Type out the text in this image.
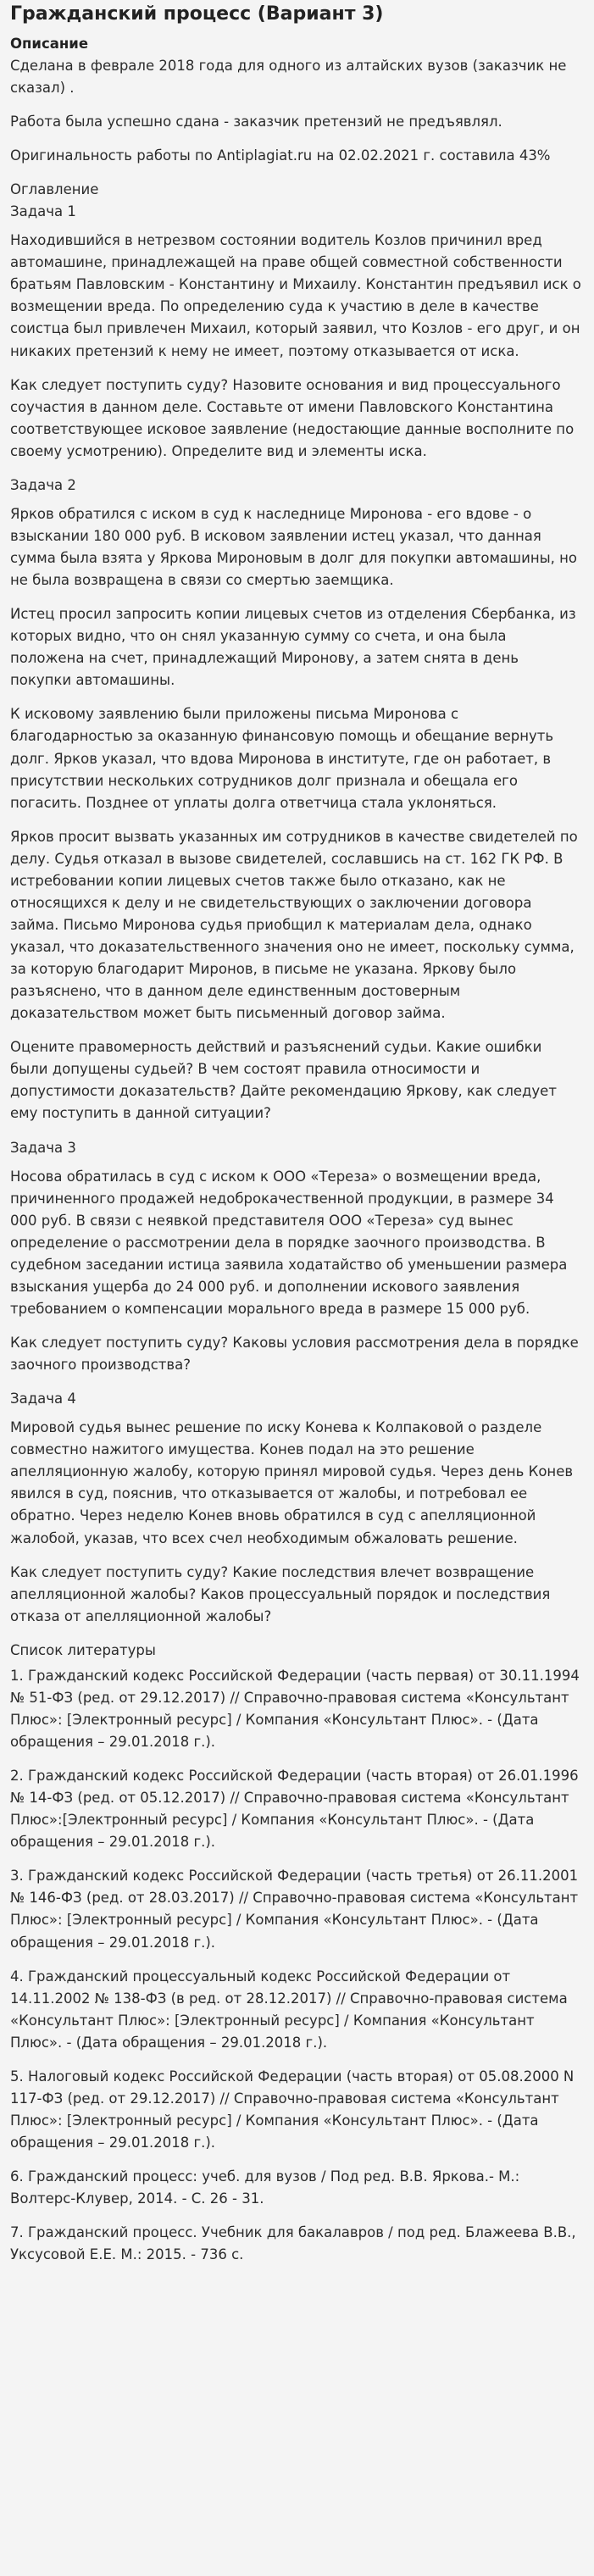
Гражданский процесс (Вариант 3)
Описание

Сделана в феврале 2018 года для одного из алтайских вузов (заказчик не сказал) .

Работа была успешно сдана - заказчик претензий не предъявлял.

Оригинальность работы по Antiplagiat.ru на 02.02.2021 г. составила 43%

Оглавление
Задача 1

Находившийся в нетрезвом состоянии водитель Козлов причинил вред автомашине, принадлежащей на праве общей совместной собственности братьям Павловским - Константину и Михаилу. Константин предъявил иск о возмещении вреда. По определению суда к участию в деле в качестве соистца был привлечен Михаил, который заявил, что Козлов - его друг, и он никаких претензий к нему не имеет, поэтому отказывается от иска.

Как следует поступить суду? Назовите основания и вид процессуального соучастия в данном деле. Составьте от имени Павловского Константина соответствующее исковое заявление (недостающие данные восполните по своему усмотрению). Определите вид и элементы иска.

Задача 2

Ярков обратился с иском в суд к наследнице Миронова - его вдове - о взыскании 180 000 руб. В исковом заявлении истец указал, что данная сумма была взята у Яркова Мироновым в долг для покупки автомашины, но не была возвращена в связи со смертью заемщика.

Истец просил запросить копии лицевых счетов из отделения Сбербанка, из которых видно, что он снял указанную сумму со счета, и она была положена на счет, принадлежащий Миронову, а затем снята в день покупки автомашины.

К исковому заявлению были приложены письма Миронова с благодарностью за оказанную финансовую помощь и обещание вернуть долг. Ярков указал, что вдова Миронова в институте, где он работает, в присутствии нескольких сотрудников долг признала и обещала его погасить. Позднее от уплаты долга ответчица стала уклоняться.

Ярков просит вызвать указанных им сотрудников в качестве свидетелей по делу. Судья отказал в вызове свидетелей, сославшись на ст. 162 ГК РФ. В истребовании копии лицевых счетов также было отказано, как не относящихся к делу и не свидетельствующих о заключении договора займа. Письмо Миронова судья приобщил к материалам дела, однако указал, что доказательственного значения оно не имеет, поскольку сумма, за которую благодарит Миронов, в письме не указана. Яркову было разъяснено, что в данном деле единственным достоверным доказательством может быть письменный договор займа.

Оцените правомерность действий и разъяснений судьи. Какие ошибки были допущены судьей? В чем состоят правила относимости и допустимости доказательств? Дайте рекомендацию Яркову, как следует ему поступить в данной ситуации?

Задача 3

Носова обратилась в суд с иском к ООО «Тереза» о возмещении вреда, причиненного продажей недоброкачественной продукции, в размере 34 000 руб. В связи с неявкой представителя ООО «Тереза» суд вынес определение о рассмотрении дела в порядке заочного производства. В судебном заседании истица заявила ходатайство об уменьшении размера взыскания ущерба до 24 000 руб. и дополнении искового заявления требованием о компенсации морального вреда в размере 15 000 руб.

Как следует поступить суду? Каковы условия рассмотрения дела в порядке заочного производства?

Задача 4

Мировой судья вынес решение по иску Конева к Колпаковой о разделе совместно нажитого имущества. Конев подал на это решение апелляционную жалобу, которую принял мировой судья. Через день Конев явился в суд, пояснив, что отказывается от жалобы, и потребовал ее обратно. Через неделю Конев вновь обратился в суд с апелляционной жалобой, указав, что всех счел необходимым обжаловать решение.

Как следует поступить суду? Какие последствия влечет возвращение апелляционной жалобы? Каков процессуальный порядок и последствия отказа от апелляционной жалобы?

Список литературы

1. Гражданский кодекс Российской Федерации (часть первая) от 30.11.1994 № 51-ФЗ (ред. от 29.12.2017) // Справочно-правовая система «Консультант Плюс»: [Электронный ресурс] / Компания «Консультант Плюс». - (Дата обращения – 29.01.2018 г.).

2. Гражданский кодекс Российской Федерации (часть вторая) от 26.01.1996 № 14-ФЗ (ред. от 05.12.2017) // Справочно-правовая система «Консультант Плюс»:[Электронный ресурс] / Компания «Консультант Плюс». - (Дата обращения – 29.01.2018 г.).

3. Гражданский кодекс Российской Федерации (часть третья) от 26.11.2001 № 146-ФЗ (ред. от 28.03.2017) // Справочно-правовая система «Консультант Плюс»: [Электронный ресурс] / Компания «Консультант Плюс». - (Дата обращения – 29.01.2018 г.).

4. Гражданский процессуальный кодекс Российской Федерации от 14.11.2002 № 138-ФЗ (в ред. от 28.12.2017) // Справочно-правовая система «Консультант Плюс»: [Электронный ресурс] / Компания «Консультант Плюс». - (Дата обращения – 29.01.2018 г.).

5. Налоговый кодекс Российской Федерации (часть вторая) от 05.08.2000 N 117-ФЗ (ред. от 29.12.2017) // Справочно-правовая система «Консультант Плюс»: [Электронный ресурс] / Компания «Консультант Плюс». - (Дата обращения – 29.01.2018 г.).

6. Гражданский процесс: учеб. для вузов / Под ред. В.В. Яркова.- М.: Волтерс-Клувер, 2014. - С. 26 - 31.

7. Гражданский процесс. Учебник для бакалавров / под ред. Блажеева В.В., Уксусовой Е.Е. М.: 2015. - 736 с.
